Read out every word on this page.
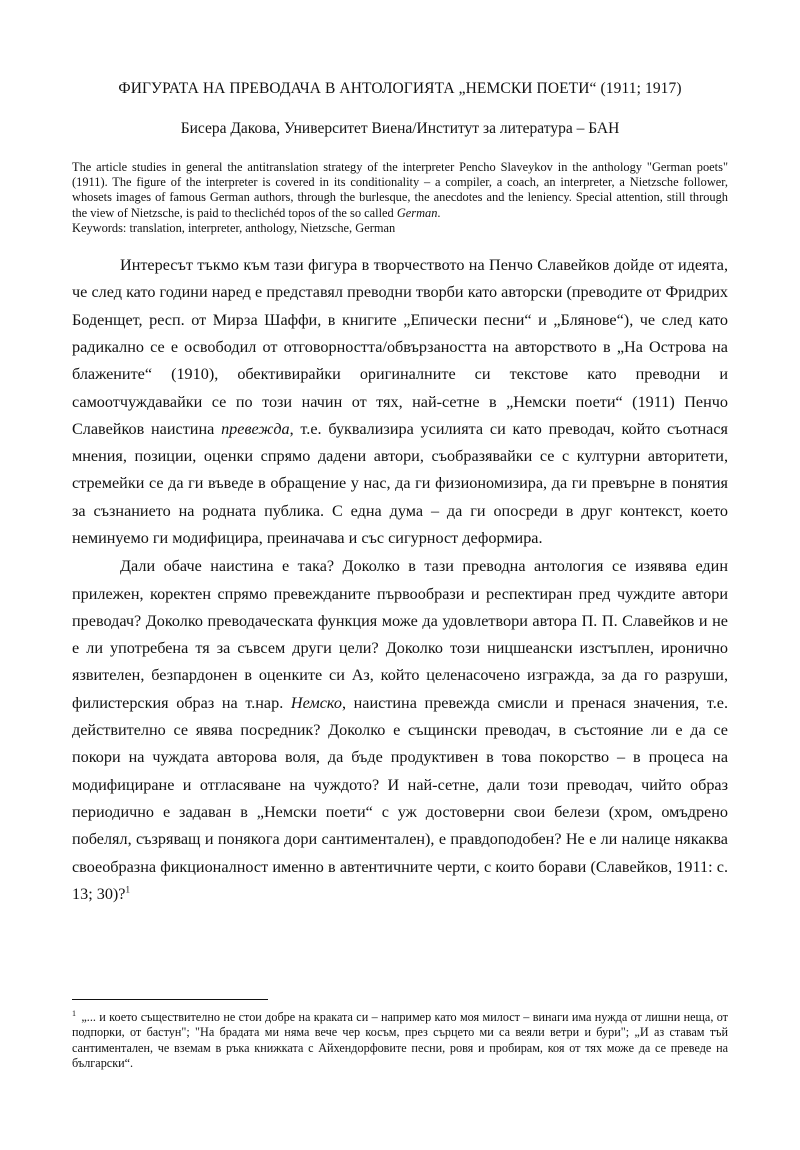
ФИГУРАТА НА ПРЕВОДАЧА В АНТОЛОГИЯТА „НЕМСКИ ПОЕТИ“ (1911; 1917)
Бисера Дакова, Университет Виена/Институт за литература – БАН
The article studies in general the antitranslation strategy of the interpreter Pencho Slaveykov in the anthology "German poets" (1911). The figure of the interpreter is covered in its conditionality – a compiler, a coach, an interpreter, a Nietzsche follower, whosets images of famous German authors, through the burlesque, the anecdotes and the leniency. Special attention, still through the view of Nietzsche, is paid to theclichéd topos of the so called German.
Keywords: translation, interpreter, anthology, Nietzsche, German

Интересът тъкмо към тази фигура в творчеството на Пенчо Славейков дойде от идеята, че след като години наред е представял преводни творби като авторски (преводите от Фридрих Боденщет, респ. от Мирза Шаффи, в книгите „Епически песни“ и „Блянове“), че след като радикално се е освободил от отговорността/обвързаността на авторството в „На Острова на блажените“ (1910), обективирайки оригиналните си текстове като преводни и самоотчуждавайки се по този начин от тях, най-сетне в „Немски поети“ (1911) Пенчо Славейков наистина превежда, т.е. буквализира усилията си като преводач, който съотнася мнения, позиции, оценки спрямо дадени автори, съобразявайки се с културни авторитети, стремейки се да ги въведе в обращение у нас, да ги физиономизира, да ги превърне в понятия за съзнанието на родната публика. С една дума – да ги опосреди в друг контекст, което неминуемо ги модифицира, преиначава и със сигурност деформира.

Дали обаче наистина е така? Доколко в тази преводна антология се изявява един прилежен, коректен спрямо превежданите първообрази и респектиран пред чуждите автори преводач? Доколко преводаческата функция може да удовлетвори автора П. П. Славейков и не е ли употребена тя за съвсем други цели? Доколко този ницшеански изстъплен, иронично язвителен, безпардонен в оценките си Аз, който целенасочено изгражда, за да го разруши, филистерския образ на т.нар. Немско, наистина превежда смисли и пренася значения, т.е. действително се явява посредник? Доколко е същински преводач, в състояние ли е да се покори на чуждата авторова воля, да бъде продуктивен в това покорство – в процеса на модифициране и отгласяване на чуждото? И най-сетне, дали този преводач, чийто образ периодично е задаван в „Немски поети“ с уж достоверни свои белези (хром, омъдрено побелял, съзряващ и понякога дори сантиментален), е правдоподобен? Не е ли налице някаква своеобразна фикционалност именно в автентичните черти, с които борави (Славейков, 1911: с. 13; 30)?$^1$

$^1$ „... и което съществително не стои добре на краката си – например като моя милост – винаги има нужда от лишни неща, от подпорки, от бастун"; "На брадата ми няма вече чер косъм, през сърцето ми са веяли ветри и бури"; „И аз ставам тъй сантиментален, че вземам в ръка книжката с Айхендорфовите песни, ровя и пробирам, коя от тях може да се преведе на български“.
